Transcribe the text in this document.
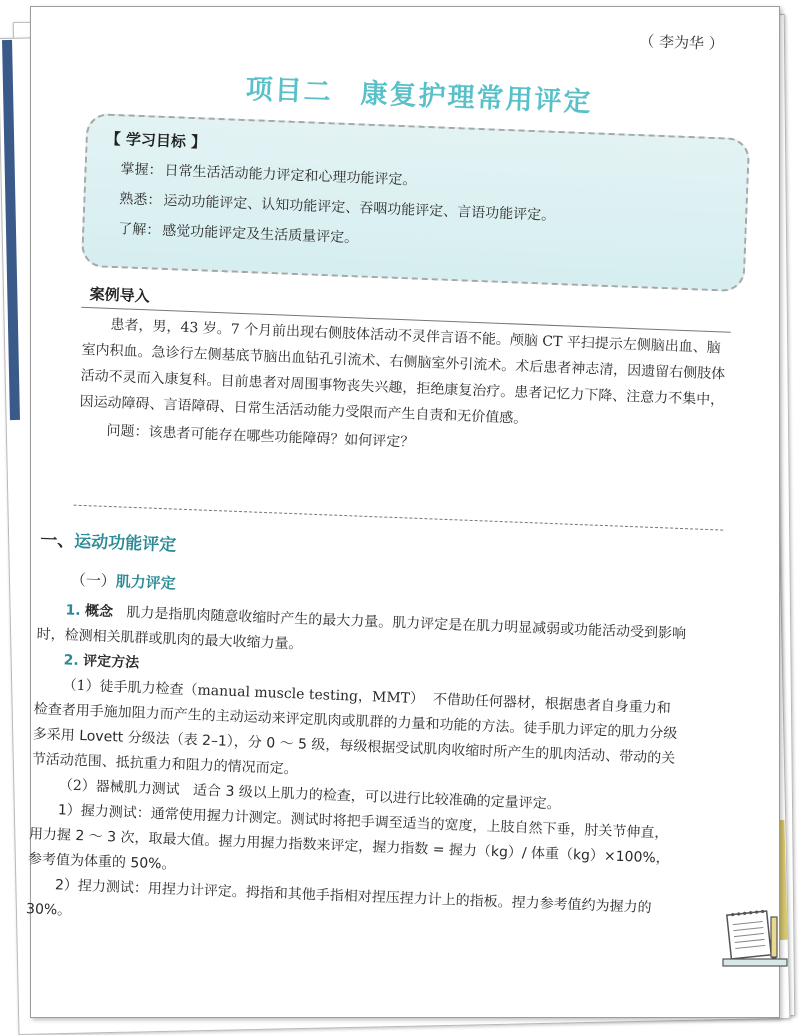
（ 李为华 ）
项目二 康复护理常用评定
【 学习目标 】
掌握：日常生活活动能力评定和心理功能评定。
熟悉：运动功能评定、认知功能评定、吞咽功能评定、言语功能评定。
了解：感觉功能评定及生活质量评定。
案例导入

患者，男，43 岁。7 个月前出现右侧肢体活动不灵伴言语不能。颅脑 CT 平扫提示左侧脑出血、脑室内积血。急诊行左侧基底节脑出血钻孔引流术、右侧脑室外引流术。术后患者神志清，因遗留右侧肢体活动不灵而入康复科。目前患者对周围事物丧失兴趣，拒绝康复治疗。患者记忆力下降、注意力不集中，因运动障碍、言语障碍、日常生活活动能力受限而产生自责和无价值感。

问题：该患者可能存在哪些功能障碍？如何评定？

一、运动功能评定
（一）肌力评定

1. 概念 肌力是指肌肉随意收缩时产生的最大力量。肌力评定是在肌力明显减弱或功能活动受到影响时，检测相关肌群或肌肉的最大收缩力量。

2. 评定方法

（1）徒手肌力检查（manual muscle testing，MMT） 不借助任何器材，根据患者自身重力和检查者用手施加阻力而产生的主动运动来评定肌肉或肌群的力量和功能的方法。徒手肌力评定的肌力分级多采用 Lovett 分级法（表 2–1），分 0 ～ 5 级，每级根据受试肌肉收缩时所产生的肌肉活动、带动的关节活动范围、抵抗重力和阻力的情况而定。

（2）器械肌力测试 适合 3 级以上肌力的检查，可以进行比较准确的定量评定。

1）握力测试：通常使用握力计测定。测试时将把手调至适当的宽度，上肢自然下垂，肘关节伸直，用力握 2 ～ 3 次，取最大值。握力用握力指数来评定，握力指数 = 握力（kg）/ 体重（kg）×100%，参考值为体重的 50%。

2）捏力测试：用捏力计评定。拇指和其他手指相对捏压捏力计上的指板。捏力参考值约为握力的 30%。
